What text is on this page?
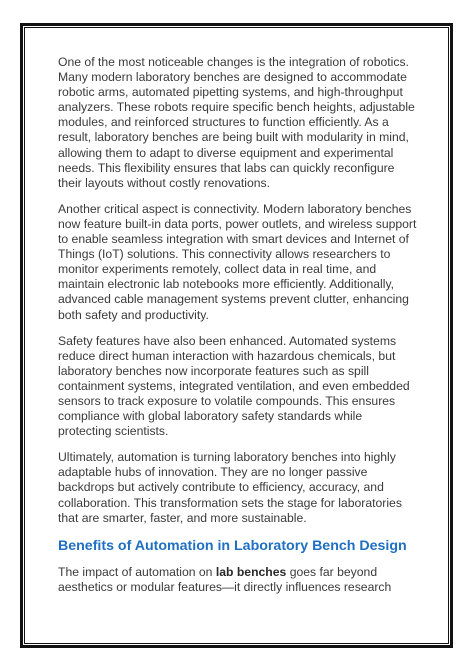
One of the most noticeable changes is the integration of robotics. Many modern laboratory benches are designed to accommodate robotic arms, automated pipetting systems, and high-throughput analyzers. These robots require specific bench heights, adjustable modules, and reinforced structures to function efficiently. As a result, laboratory benches are being built with modularity in mind, allowing them to adapt to diverse equipment and experimental needs. This flexibility ensures that labs can quickly reconfigure their layouts without costly renovations.

Another critical aspect is connectivity. Modern laboratory benches now feature built-in data ports, power outlets, and wireless support to enable seamless integration with smart devices and Internet of Things (IoT) solutions. This connectivity allows researchers to monitor experiments remotely, collect data in real time, and maintain electronic lab notebooks more efficiently. Additionally, advanced cable management systems prevent clutter, enhancing both safety and productivity.

Safety features have also been enhanced. Automated systems reduce direct human interaction with hazardous chemicals, but laboratory benches now incorporate features such as spill containment systems, integrated ventilation, and even embedded sensors to track exposure to volatile compounds. This ensures compliance with global laboratory safety standards while protecting scientists.

Ultimately, automation is turning laboratory benches into highly adaptable hubs of innovation. They are no longer passive backdrops but actively contribute to efficiency, accuracy, and collaboration. This transformation sets the stage for laboratories that are smarter, faster, and more sustainable.

Benefits of Automation in Laboratory Bench Design

The impact of automation on lab benches goes far beyond aesthetics or modular features—it directly influences research
